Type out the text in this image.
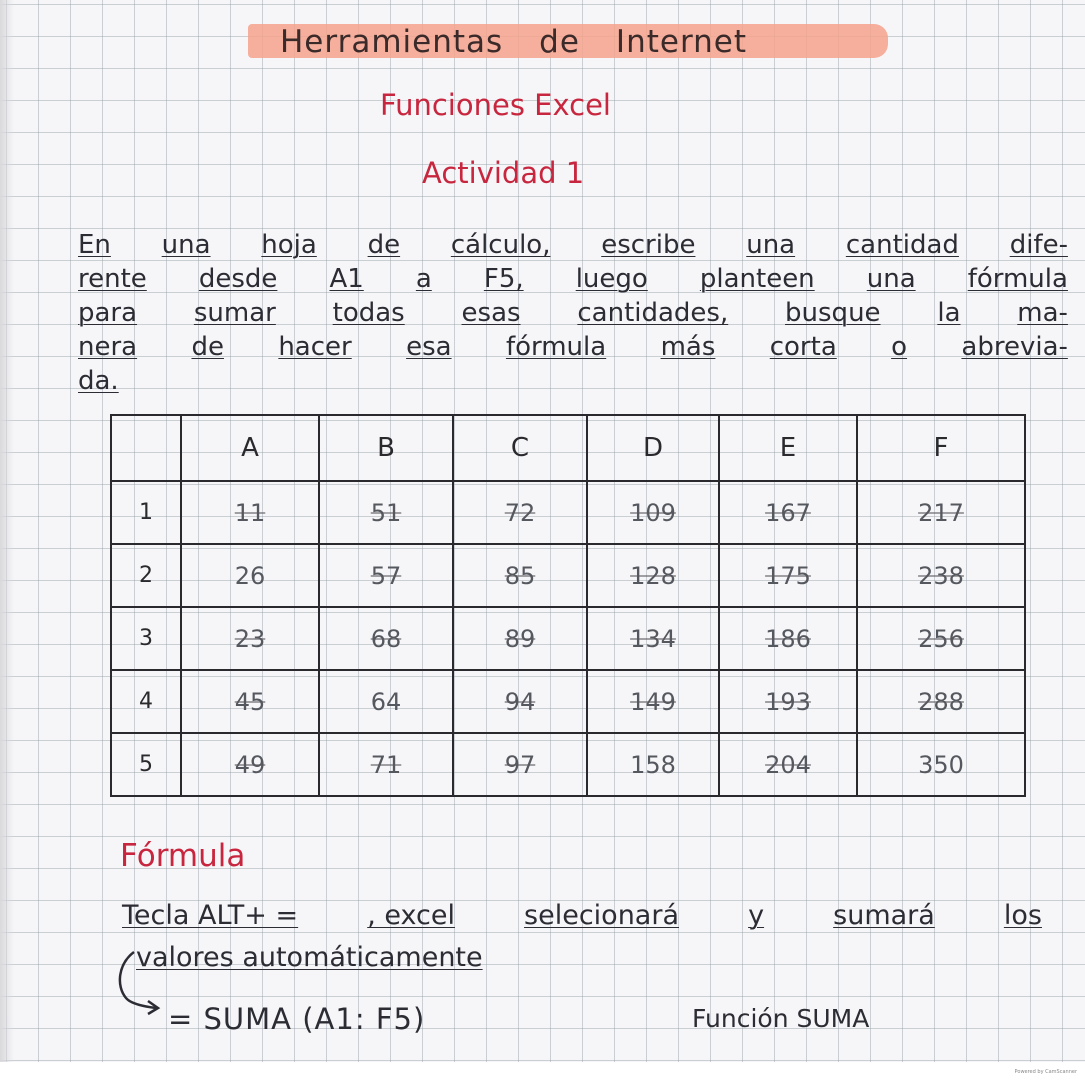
Herramientas de Internet
Funciones Excel
Actividad 1
En una hoja de cálculo, escribe una cantidad dife-
rente desde A1 a F5, luego planteen una fórmula
para sumar todas esas cantidades, busque la ma-
nera de hacer esa fórmula más corta o abrevia-
da.
	A	B	C	D	E	F
1	11	51	72	109	167	217
2	26	57	85	128	175	238
3	23	68	89	134	186	256
4	45	64	94	149	193	288
5	49	71	97	158	204	350
Fórmula
Tecla ALT+ =	, excel	selecionará	y	sumará	los
valores automáticamente
= SUMA (A1: F5)	Función SUMA
Powered by CamScanner
